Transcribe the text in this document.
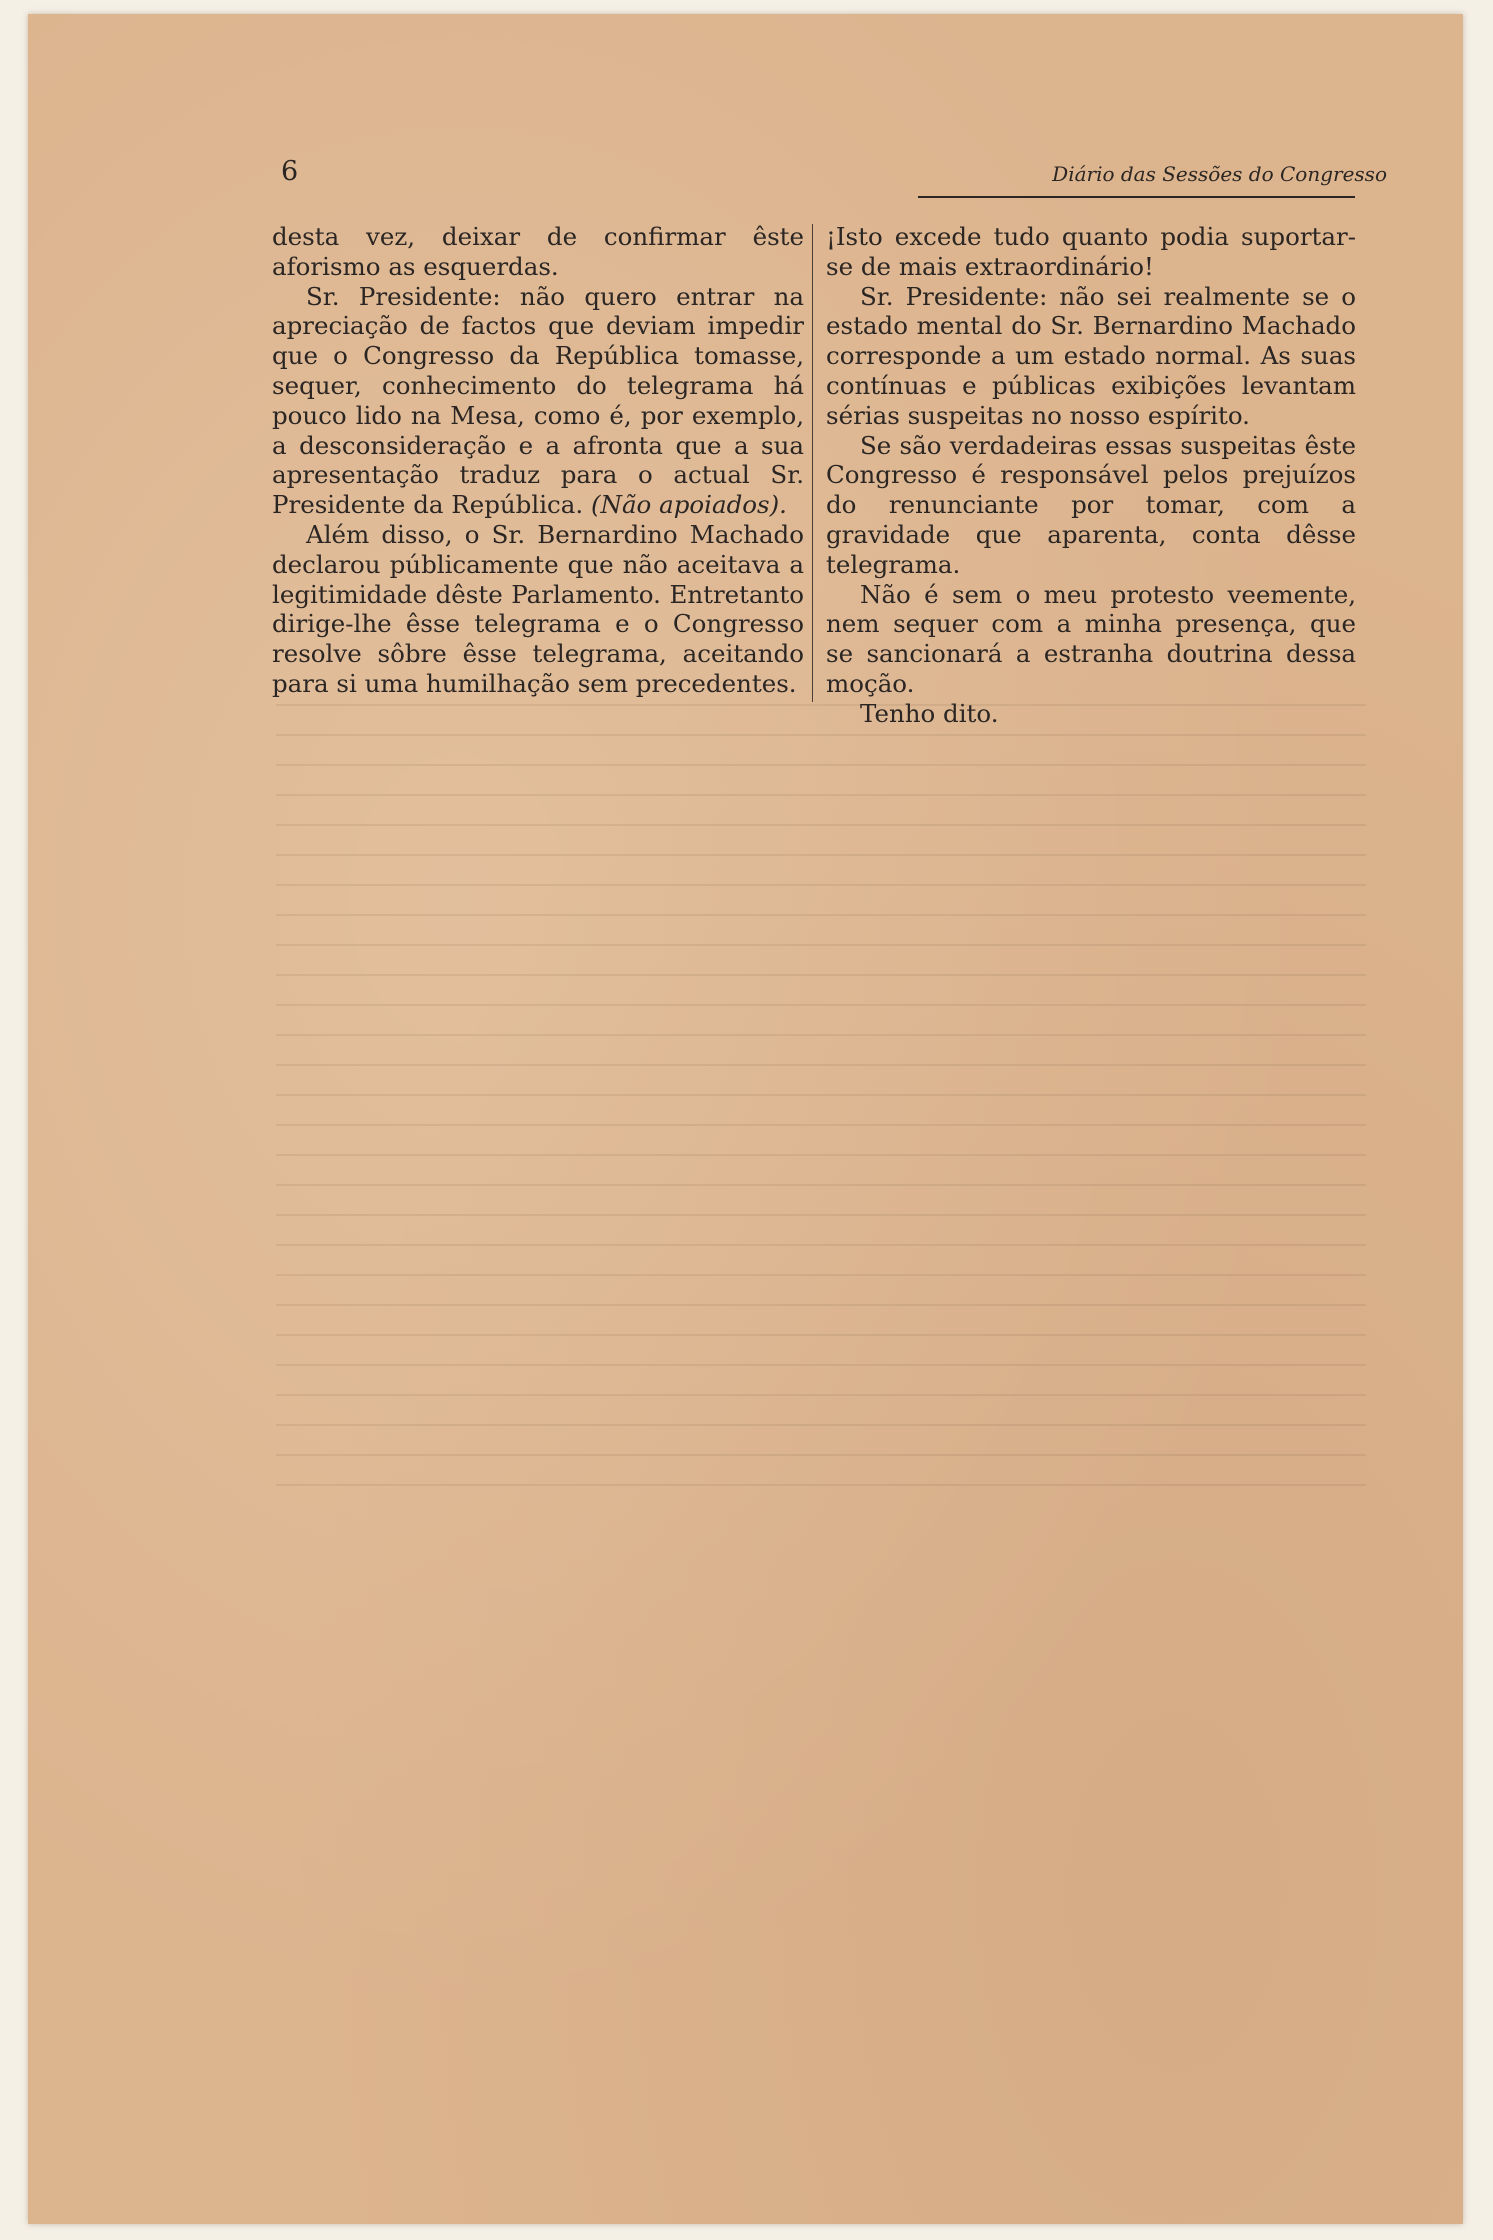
6	Diário das Sessões do Congresso

desta vez, deixar de confirmar êste aforismo as esquerdas.

Sr. Presidente: não quero entrar na apreciação de factos que deviam impedir que o Congresso da República tomasse, sequer, conhecimento do telegrama há pouco lido na Mesa, como é, por exemplo, a desconsideração e a afronta que a sua apresentação traduz para o actual Sr. Presidente da República. (Não apoiados).

Além disso, o Sr. Bernardino Machado declarou públicamente que não aceitava a legitimidade dêste Parlamento. Entretanto dirige-lhe êsse telegrama e o Congresso resolve sôbre êsse telegrama, aceitando para si uma humilhação sem precedentes.

¡Isto excede tudo quanto podia suportar-se de mais extraordinário!

Sr. Presidente: não sei realmente se o estado mental do Sr. Bernardino Machado corresponde a um estado normal. As suas contínuas e públicas exibições levantam sérias suspeitas no nosso espírito.

Se são verdadeiras essas suspeitas êste Congresso é responsável pelos prejuízos do renunciante por tomar, com a gravidade que aparenta, conta dêsse telegrama.

Não é sem o meu protesto veemente, nem sequer com a minha presença, que se sancionará a estranha doutrina dessa moção.

Tenho dito.
